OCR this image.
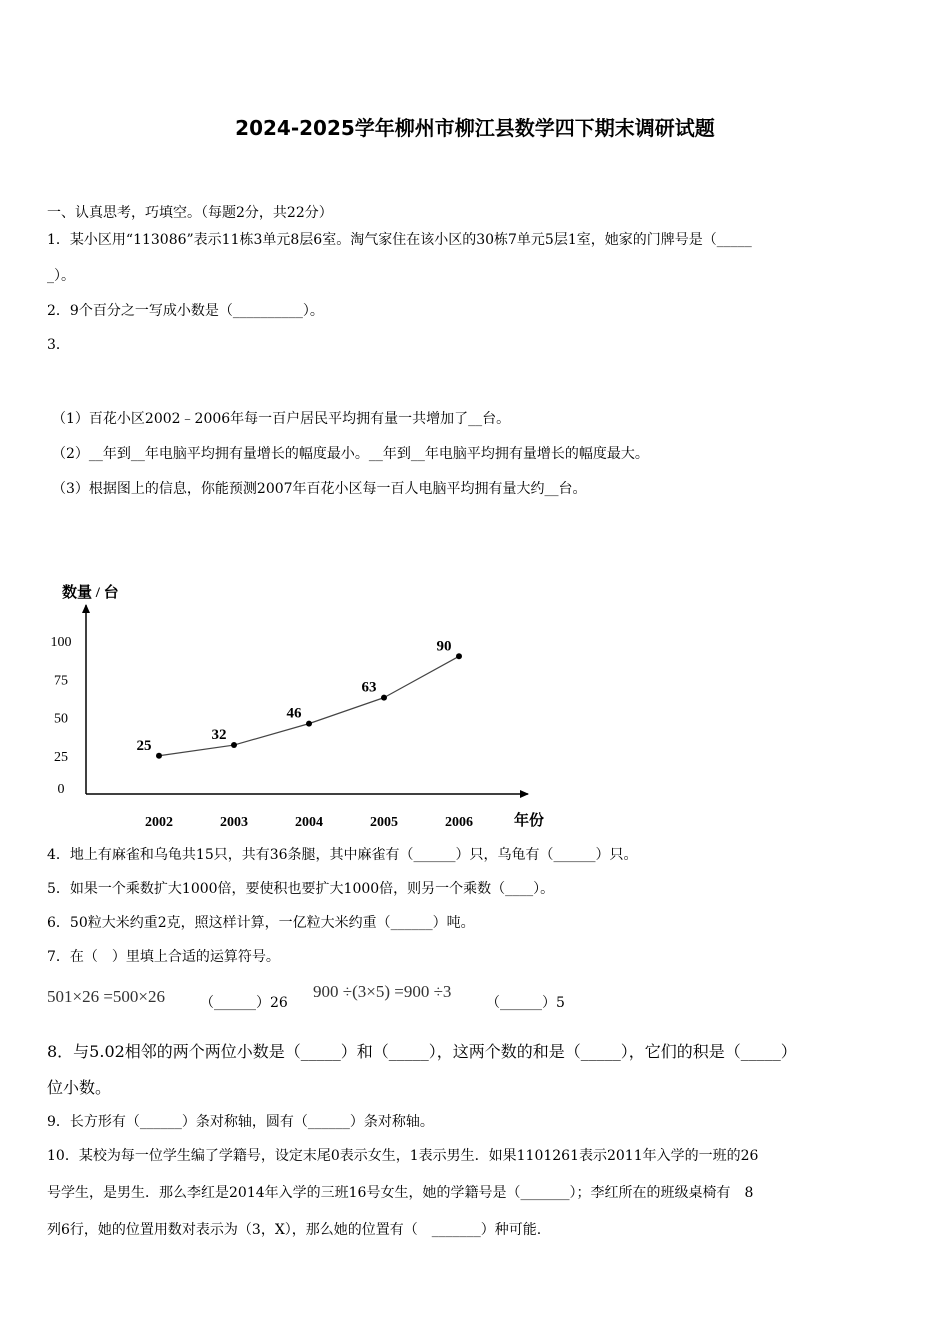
2024-2025学年柳州市柳江县数学四下期末调研试题
一、认真思考，巧填空。（每题2分，共22分）
1．某小区用“113086”表示11栋3单元8层6室。淘气家住在该小区的30栋7单元5层1室，她家的门牌号是（_____
_）。
2．9个百分之一写成小数是（__________）。
3．
（1）百花小区2002﹣2006年每一百户居民平均拥有量一共增加了__台。
（2）__年到__年电脑平均拥有量增长的幅度最小。__年到__年电脑平均拥有量增长的幅度最大。
（3）根据图上的信息，你能预测2007年百花小区每一百人电脑平均拥有量大约__台。
数量 / 台
100
75
50
25
0
2002	2003	2004	2005	2006
25
32
46
63
90
年份
4．地上有麻雀和乌龟共15只，共有36条腿，其中麻雀有（______）只，乌龟有（______）只。
5．如果一个乘数扩大1000倍，要使积也要扩大1000倍，则另一个乘数（____）。
6．50粒大米约重2克，照这样计算，一亿粒大米约重（______）吨。
7．在（　）里填上合适的运算符号。
501×26 =500×26 （______）26
900 ÷(3×5) =900 ÷3
（______）5
8．与5.02相邻的两个两位小数是（_____）和（_____），这两个数的和是（_____），它们的积是（_____）
位小数。
9．长方形有（______）条对称轴，圆有（______）条对称轴。
10．某校为每一位学生编了学籍号，设定末尾0表示女生，1表示男生．如果1101261表示2011年入学的一班的26
号学生，是男生．那么李红是2014年入学的三班16号女生，她的学籍号是（_______）；李红所在的班级桌椅有　8
列6行，她的位置用数对表示为（3，X），那么她的位置有（　_______）种可能.
